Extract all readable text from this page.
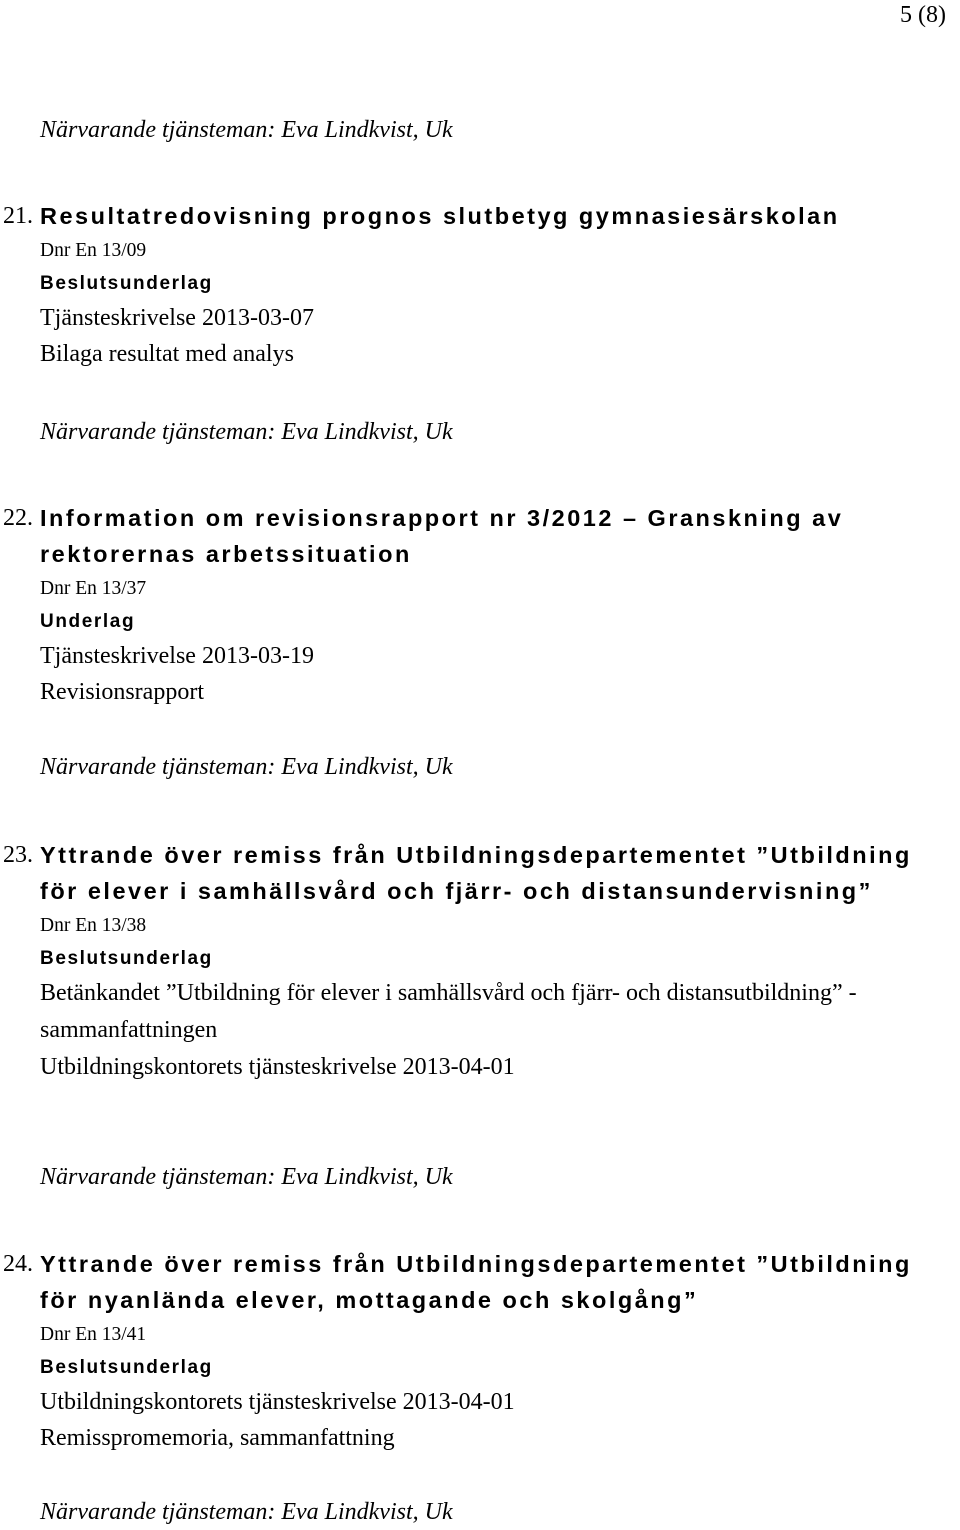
5 (8)
Närvarande tjänsteman: Eva Lindkvist, Uk
21. Resultatredovisning prognos slutbetyg gymnasiesärskolan
Dnr En 13/09
Beslutsunderlag
Tjänsteskrivelse 2013-03-07
Bilaga resultat med analys
Närvarande tjänsteman: Eva Lindkvist, Uk
22. Information om revisionsrapport nr 3/2012 – Granskning av rektorernas arbetssituation
Dnr En 13/37
Underlag
Tjänsteskrivelse 2013-03-19
Revisionsrapport
Närvarande tjänsteman: Eva Lindkvist, Uk
23. Yttrande över remiss från Utbildningsdepartementet ”Utbildning för elever i samhällsvård och fjärr- och distansundervisning”
Dnr En 13/38
Beslutsunderlag
Betänkandet ”Utbildning för elever i samhällsvård och fjärr- och distansutbildning” - sammanfattningen
Utbildningskontorets tjänsteskrivelse 2013-04-01
Närvarande tjänsteman: Eva Lindkvist, Uk
24. Yttrande över remiss från Utbildningsdepartementet ”Utbildning för nyanlända elever, mottagande och skolgång”
Dnr En 13/41
Beslutsunderlag
Utbildningskontorets tjänsteskrivelse 2013-04-01
Remisspromemoria, sammanfattning
Närvarande tjänsteman: Eva Lindkvist, Uk
